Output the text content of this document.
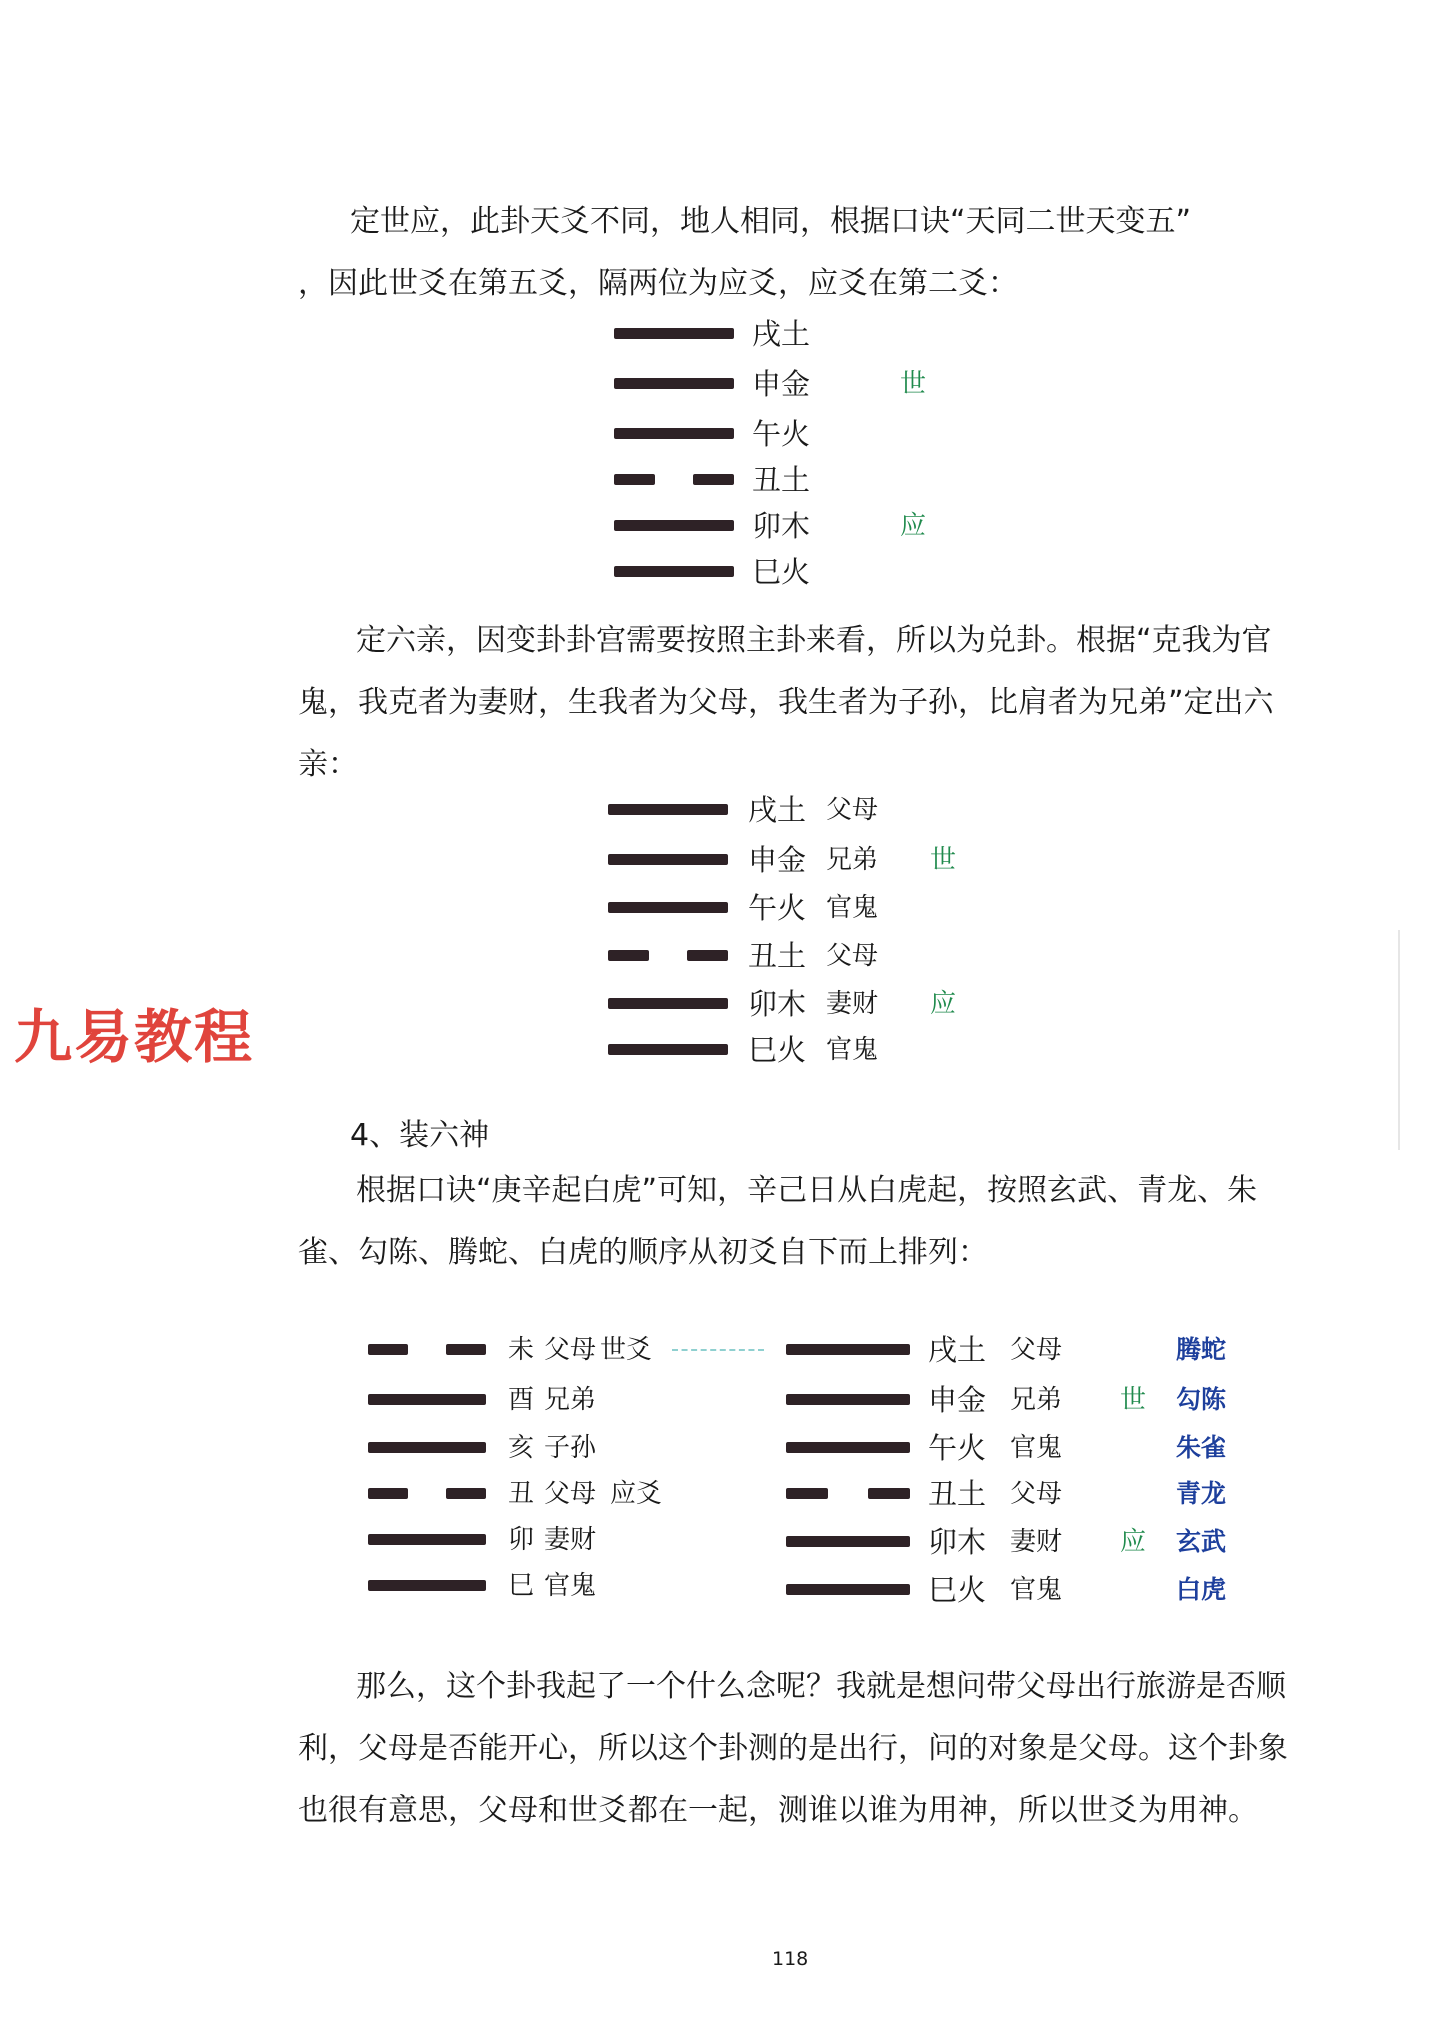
定世应，此卦天爻不同，地人相同，根据口诀“天同二世天变五”
，因此世爻在第五爻，隔两位为应爻，应爻在第二爻：
戌土
申金	世
午火
丑土
卯木	应
巳火

定六亲，因变卦卦宫需要按照主卦来看，所以为兑卦。根据“克我为官鬼，我克者为妻财，生我者为父母，我生者为子孙，比肩者为兄弟”定出六亲：

戌土 父母
申金 兄弟 世
午火 官鬼
丑土 父母
卯木 妻财 应
巳火 官鬼
4、装六神

根据口诀“庚辛起白虎”可知，辛己日从白虎起，按照玄武、青龙、朱雀、勾陈、腾蛇、白虎的顺序从初爻自下而上排列：

未 父母 世爻
酉 兄弟
亥 子孙
丑 父母 应爻
卯 妻财
巳 官鬼
戌土 父母	腾蛇
申金 兄弟 世 勾陈
午火 官鬼	朱雀
丑土 父母	青龙
卯木 妻财 应 玄武
巳火 官鬼	白虎

那么，这个卦我起了一个什么念呢？我就是想问带父母出行旅游是否顺利，父母是否能开心，所以这个卦测的是出行，问的对象是父母。这个卦象也很有意思，父母和世爻都在一起，测谁以谁为用神，所以世爻为用神。

九易教程
118
